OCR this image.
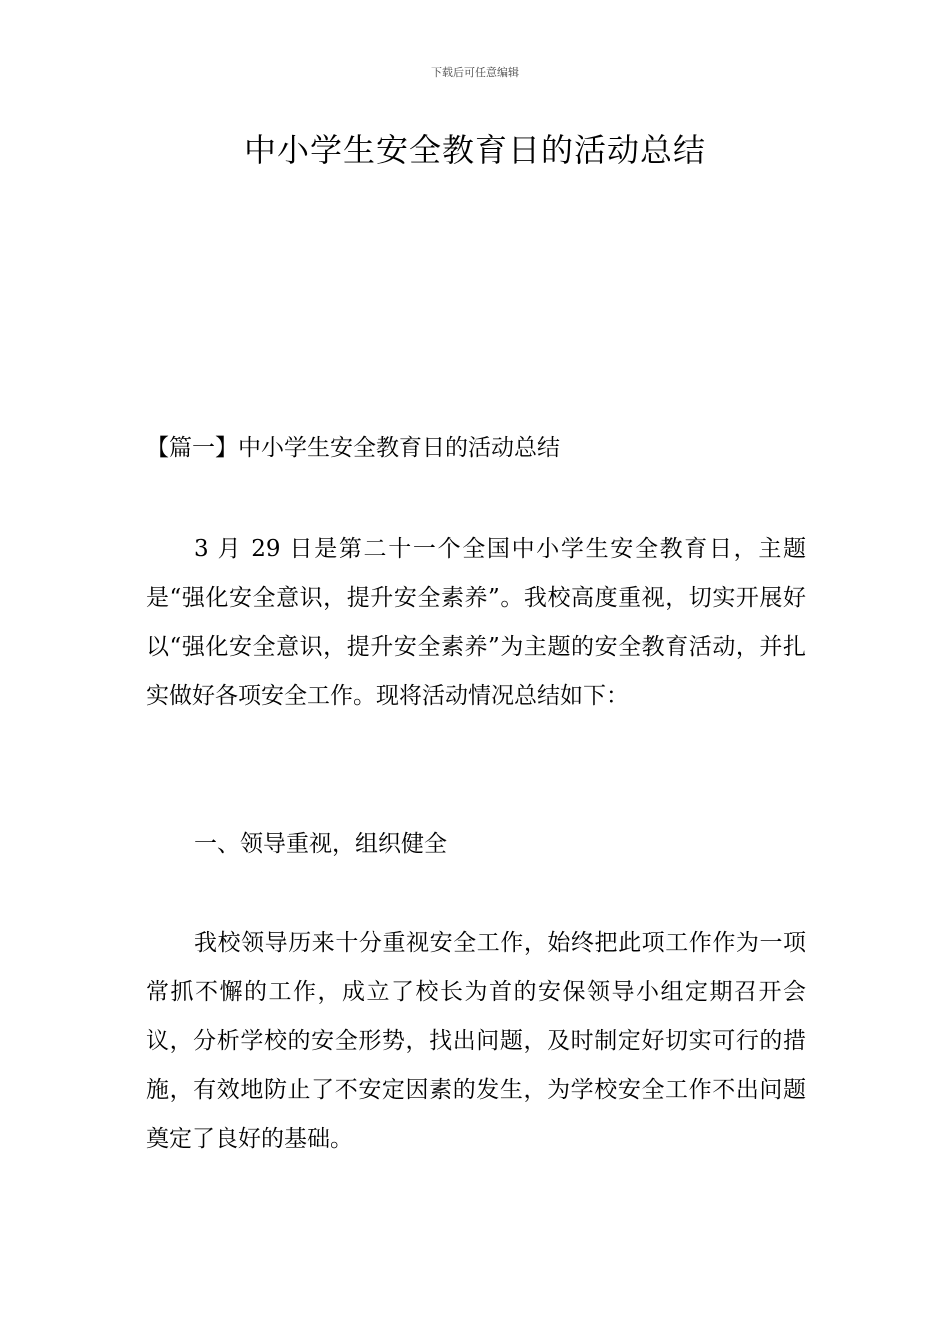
下载后可任意编辑
中小学生安全教育日的活动总结
【篇一】中小学生安全教育日的活动总结

3 月 29 日是第二十一个全国中小学生安全教育日，主题是“强化安全意识，提升安全素养”。我校高度重视，切实开展好以“强化安全意识，提升安全素养”为主题的安全教育活动，并扎实做好各项安全工作。现将活动情况总结如下：

一、领导重视，组织健全

我校领导历来十分重视安全工作，始终把此项工作作为一项常抓不懈的工作，成立了校长为首的安保领导小组定期召开会议，分析学校的安全形势，找出问题，及时制定好切实可行的措施，有效地防止了不安定因素的发生，为学校安全工作不出问题奠定了良好的基础。
